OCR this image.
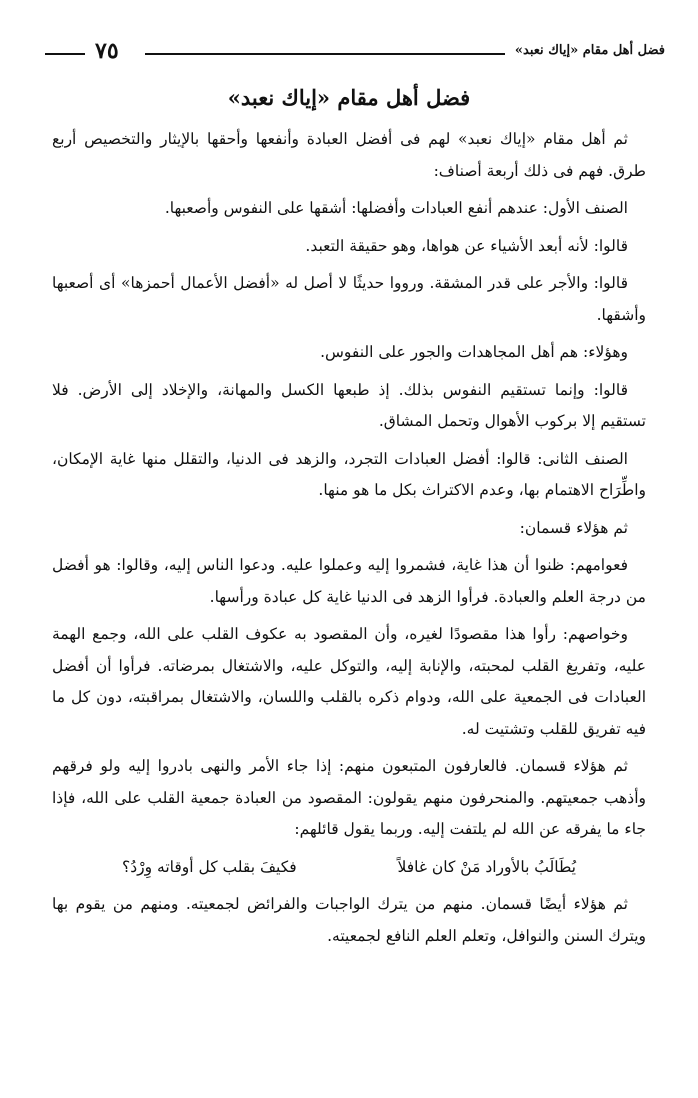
فضل أهل مقام «إياك نعبد»
٧٥
فضل أهل مقام «إياك نعبد»

ثم أهل مقام «إياك نعبد» لهم فى أفضل العبادة وأنفعها وأحقها بالإيثار والتخصيص أربع طرق. فهم فى ذلك أربعة أصناف:

الصنف الأول: عندهم أنفع العبادات وأفضلها: أشقها على النفوس وأصعبها.

قالوا: لأنه أبعد الأشياء عن هواها، وهو حقيقة التعبد.

قالوا: والأجر على قدر المشقة. ورووا حديثًا لا أصل له «أفضل الأعمال أحمزها» أى أصعبها وأشقها.

وهؤلاء: هم أهل المجاهدات والجور على النفوس.

قالوا: وإنما تستقيم النفوس بذلك. إذ طبعها الكسل والمهانة، والإخلاد إلى الأرض. فلا تستقيم إلا بركوب الأهوال وتحمل المشاق.

الصنف الثانى: قالوا: أفضل العبادات التجرد، والزهد فى الدنيا، والتقلل منها غاية الإمكان، واطِّرَاح الاهتمام بها، وعدم الاكتراث بكل ما هو منها.

ثم هؤلاء قسمان:

فعوامهم: ظنوا أن هذا غاية، فشمروا إليه وعملوا عليه. ودعوا الناس إليه، وقالوا: هو أفضل من درجة العلم والعبادة. فرأوا الزهد فى الدنيا غاية كل عبادة ورأسها.

وخواصهم: رأوا هذا مقصودًا لغيره، وأن المقصود به عكوف القلب على الله، وجمع الهمة عليه، وتفريغ القلب لمحبته، والإنابة إليه، والتوكل عليه، والاشتغال بمرضاته. فرأوا أن أفضل العبادات فى الجمعية على الله، ودوام ذكره بالقلب واللسان، والاشتغال بمراقبته، دون كل ما فيه تفريق للقلب وتشتيت له.

ثم هؤلاء قسمان. فالعارفون المتبعون منهم: إذا جاء الأمر والنهى بادروا إليه ولو فرقهم وأذهب جمعيتهم. والمنحرفون منهم يقولون: المقصود من العبادة جمعية القلب على الله، فإذا جاء ما يفرقه عن الله لم يلتفت إليه. وربما يقول قائلهم:

يُطَالَبُ بالأوراد مَنْ كان غافلاً
فكيفَ بقلب كل أوقاته وِرْدُ؟

ثم هؤلاء أيضًا قسمان. منهم من يترك الواجبات والفرائض لجمعيته. ومنهم من يقوم بها ويترك السنن والنوافل، وتعلم العلم النافع لجمعيته.
